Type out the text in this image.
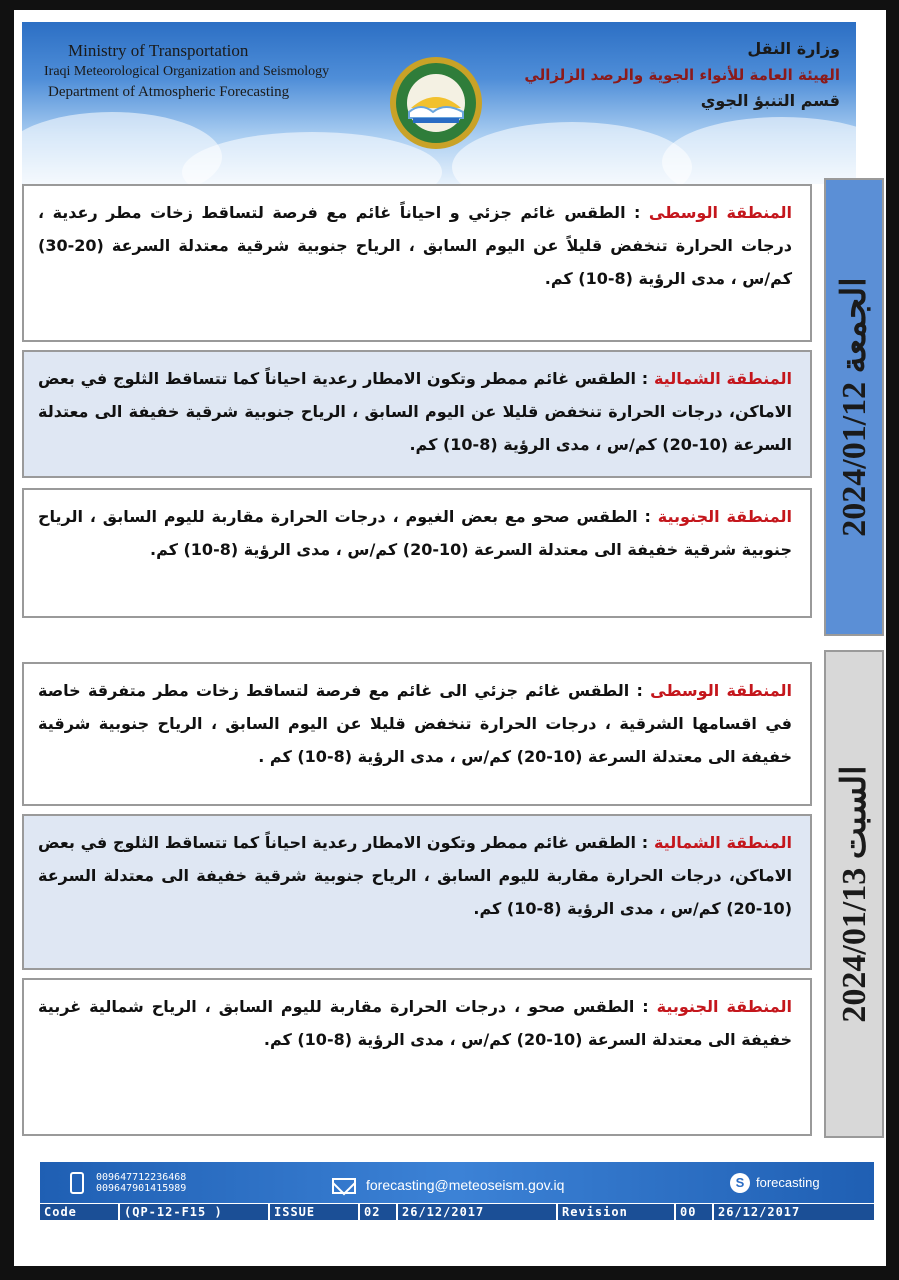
Ministry of Transportation
Iraqi Meteorological Organization and Seismology
Department of Atmospheric Forecasting
وزارة النقل
الهيئة العامة للأنواء الجوية والرصد الزلزالي
قسم التنبؤ الجوي
الجمعة 2024/01/12
المنطقة الوسطى : الطقس غائم جزئي و احياناً غائم مع فرصة لتساقط زخات مطر رعدية ، درجات الحرارة تنخفض قليلاً عن اليوم السابق ، الرياح جنوبية شرقية معتدلة السرعة (20-30) كم/س ، مدى الرؤية (8-10) كم.
المنطقة الشمالية : الطقس غائم ممطر وتكون الامطار رعدية احياناً كما تتساقط الثلوج في بعض الاماكن، درجات الحرارة تنخفض قليلا عن اليوم السابق ، الرياح جنوبية شرقية خفيفة الى معتدلة السرعة (10-20) كم/س ، مدى الرؤية (8-10) كم.
المنطقة الجنوبية : الطقس صحو مع بعض الغيوم ، درجات الحرارة مقاربة لليوم السابق ، الرياح جنوبية شرقية خفيفة الى معتدلة السرعة (10-20) كم/س ، مدى الرؤية (8-10) كم.
السبت 2024/01/13
المنطقة الوسطى : الطقس غائم جزئي الى غائم مع فرصة لتساقط زخات مطر متفرقة خاصة في اقسامها الشرقية ، درجات الحرارة تنخفض قليلا عن اليوم السابق ، الرياح جنوبية شرقية خفيفة الى معتدلة السرعة (10-20) كم/س ، مدى الرؤية (8-10) كم .
المنطقة الشمالية : الطقس غائم ممطر وتكون الامطار رعدية احياناً كما تتساقط الثلوج في بعض الاماكن، درجات الحرارة مقاربة لليوم السابق ، الرياح جنوبية شرقية خفيفة الى معتدلة السرعة (10-20) كم/س ، مدى الرؤية (8-10) كم.
المنطقة الجنوبية : الطقس صحو ، درجات الحرارة مقاربة لليوم السابق ، الرياح شمالية غربية خفيفة الى معتدلة السرعة (10-20) كم/س ، مدى الرؤية (8-10) كم.
009647712236468
009647901415989	forecasting@meteoseism.gov.iq	S forecasting
Code	(QP-12-F15 )	ISSUE	02	26/12/2017	Revision	00	26/12/2017
